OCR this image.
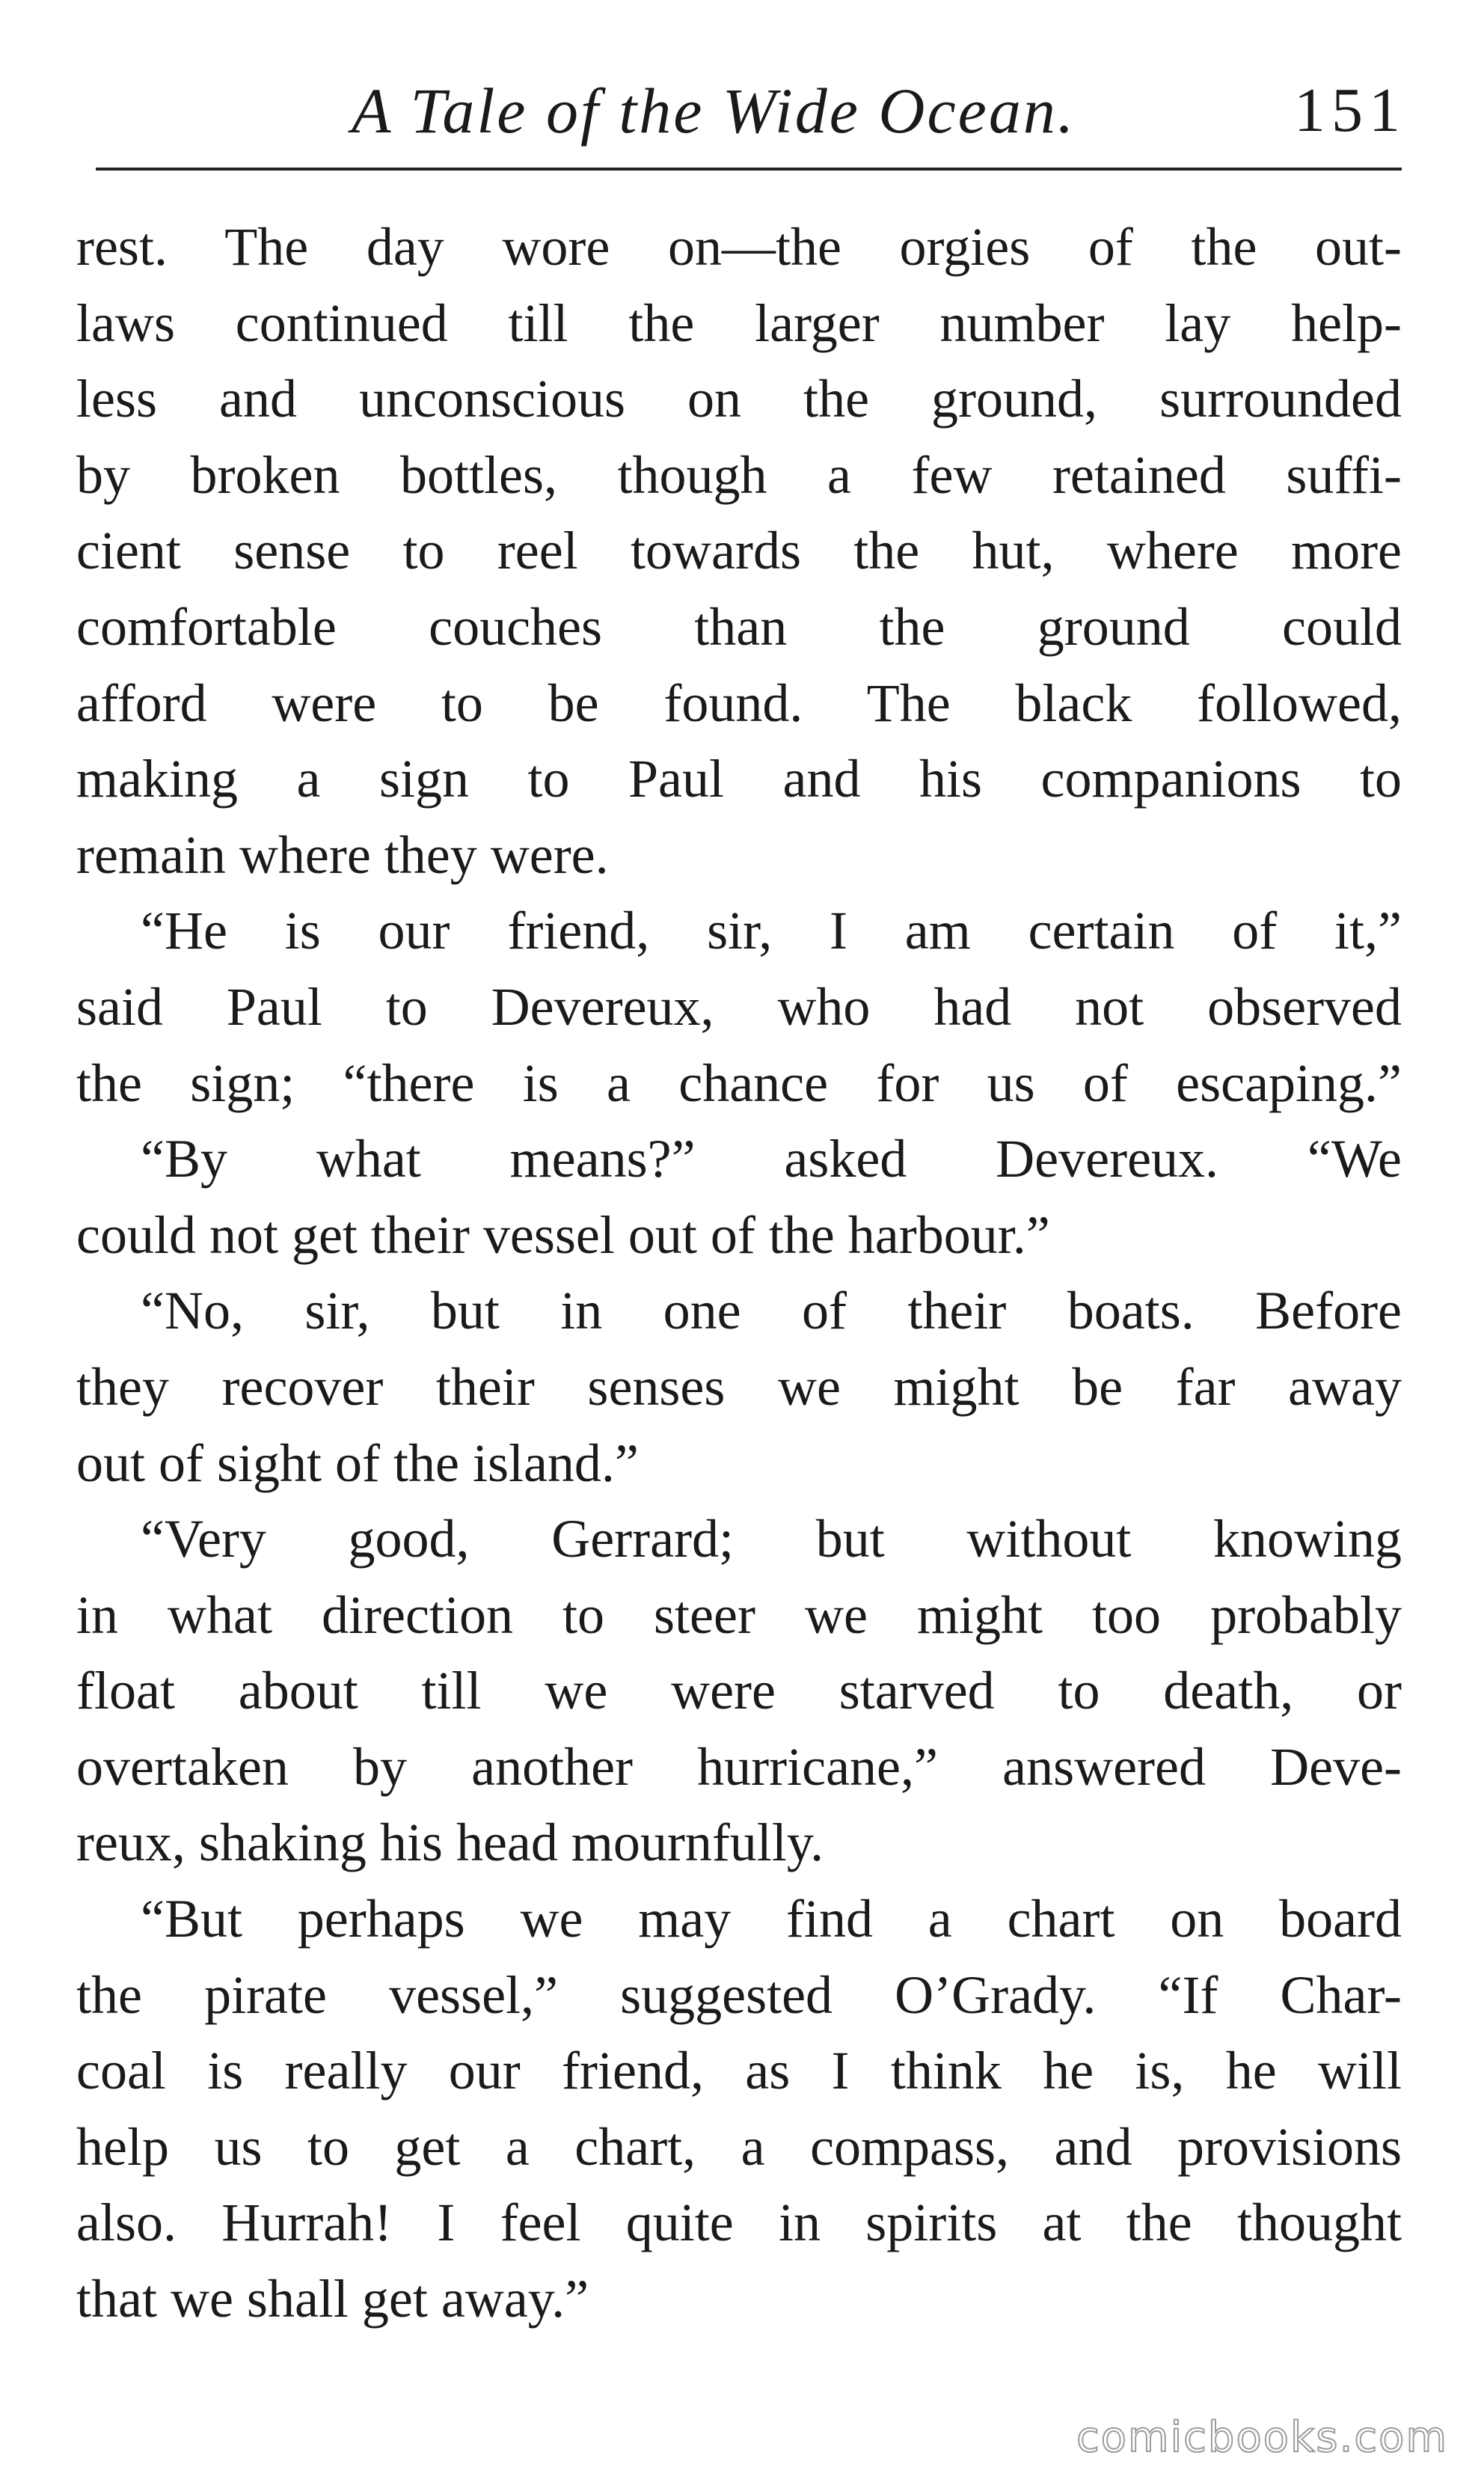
A Tale of the Wide Ocean.	151
rest. The day wore on—the orgies of the out-
laws continued till the larger number lay help-
less and unconscious on the ground, surrounded
by broken bottles, though a few retained suffi-
cient sense to reel towards the hut, where more
comfortable couches than the ground could
afford were to be found. The black followed,
making a sign to Paul and his companions to
remain where they were.
“He is our friend, sir, I am certain of it,”
said Paul to Devereux, who had not observed
the sign; “there is a chance for us of escaping.”
“By what means?” asked Devereux. “We
could not get their vessel out of the harbour.”
“No, sir, but in one of their boats. Before
they recover their senses we might be far away
out of sight of the island.”
“Very good, Gerrard; but without knowing
in what direction to steer we might too probably
float about till we were starved to death, or
overtaken by another hurricane,” answered Deve-
reux, shaking his head mournfully.
“But perhaps we may find a chart on board
the pirate vessel,” suggested O’Grady. “If Char-
coal is really our friend, as I think he is, he will
help us to get a chart, a compass, and provisions
also. Hurrah! I feel quite in spirits at the thought
that we shall get away.”
comicbooks.com
